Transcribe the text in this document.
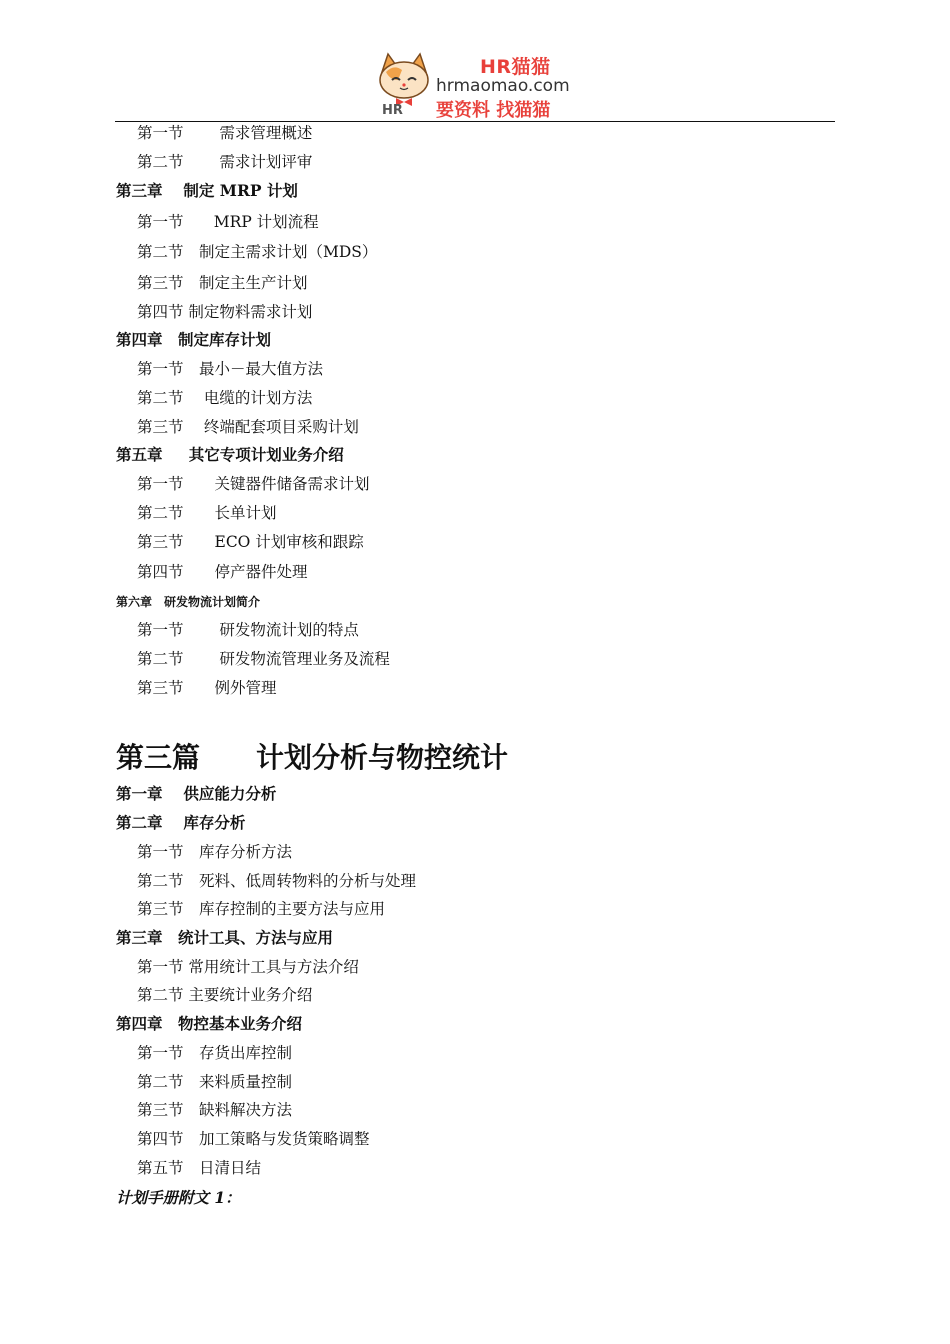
HR
HR猫猫
hrmaomao.com
要资料 找猫猫
第一节　　 需求管理概述
第二节　　 需求计划评审
第三章　 制定 MRP 计划
第一节　   MRP 计划流程
第二节　制定主需求计划（MDS）
第三节　制定主生产计划
第四节 制定物料需求计划
第四章　制定库存计划
第一节　最小－最大值方法
第二节　 电缆的计划方法
第三节　 终端配套项目采购计划
第五章　  其它专项计划业务介绍
第一节　　关键器件储备需求计划
第二节　　长单计划
第三节　　ECO 计划审核和跟踪
第四节　　停产器件处理
第六章　研发物流计划简介
第一节　　 研发物流计划的特点
第二节　　 研发物流管理业务及流程
第三节　　例外管理
第三篇　　计划分析与物控统计
第一章　 供应能力分析
第二章　 库存分析
第一节　库存分析方法
第二节　死料、低周转物料的分析与处理
第三节　库存控制的主要方法与应用
第三章　统计工具、方法与应用
第一节 常用统计工具与方法介绍
第二节 主要统计业务介绍
第四章　物控基本业务介绍
第一节　存货出库控制
第二节　来料质量控制
第三节　缺料解决方法
第四节　加工策略与发货策略调整
第五节　日清日结
计划手册附文 1：
